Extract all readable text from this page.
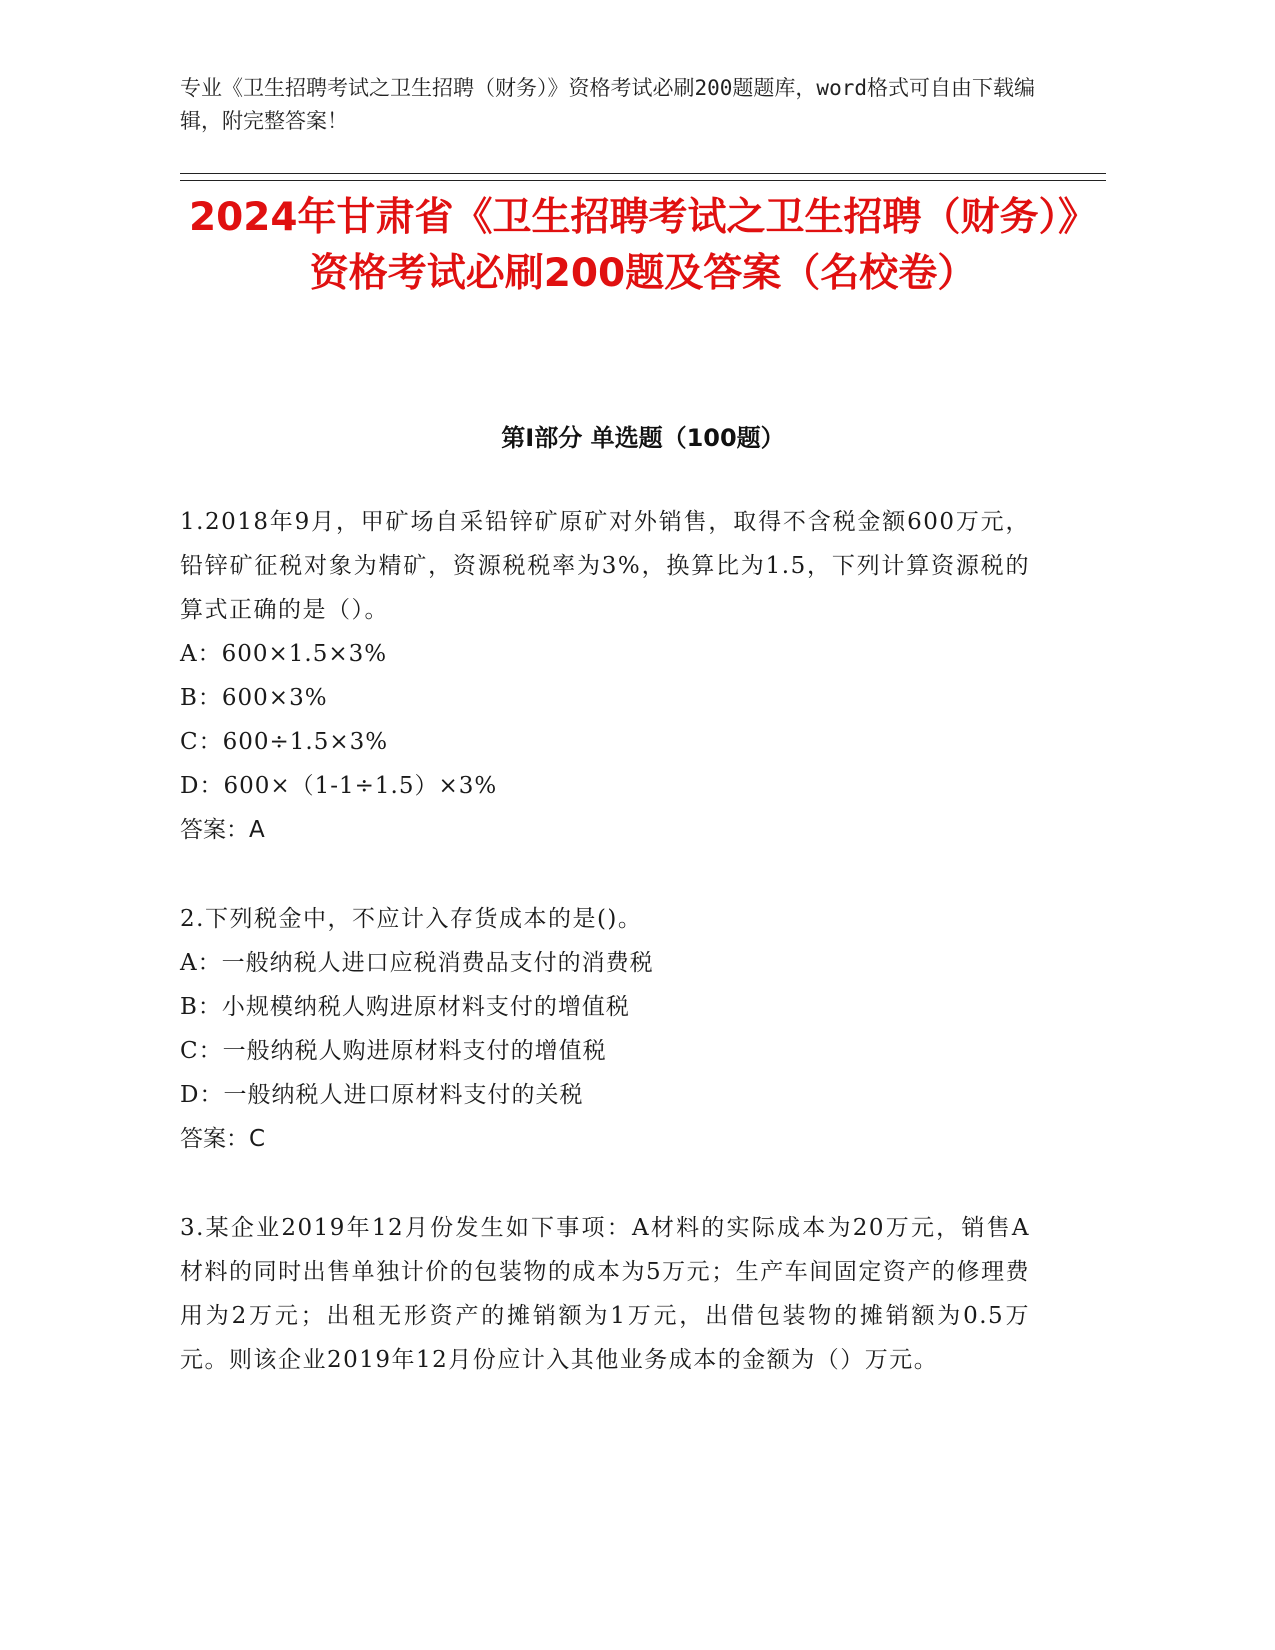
专业《卫生招聘考试之卫生招聘（财务）》资格考试必刷200题题库，word格式可自由下载编辑，附完整答案！
2024年甘肃省《卫生招聘考试之卫生招聘（财务）》资格考试必刷200题及答案（名校卷）
第I部分 单选题（100题）

1.2018年9月，甲矿场自采铅锌矿原矿对外销售，取得不含税金额600万元，铅锌矿征税对象为精矿，资源税税率为3%，换算比为1.5，下列计算资源税的算式正确的是（）。

A：600×1.5×3%

B：600×3%

C：600÷1.5×3%

D：600×（1-1÷1.5）×3%

答案：A

2.下列税金中，不应计入存货成本的是()。

A：一般纳税人进口应税消费品支付的消费税

B：小规模纳税人购进原材料支付的增值税

C：一般纳税人购进原材料支付的增值税

D：一般纳税人进口原材料支付的关税

答案：C

3.某企业2019年12月份发生如下事项：A材料的实际成本为20万元，销售A材料的同时出售单独计价的包装物的成本为5万元；生产车间固定资产的修理费用为2万元；出租无形资产的摊销额为1万元，出借包装物的摊销额为0.5万元。则该企业2019年12月份应计入其他业务成本的金额为（）万元。
